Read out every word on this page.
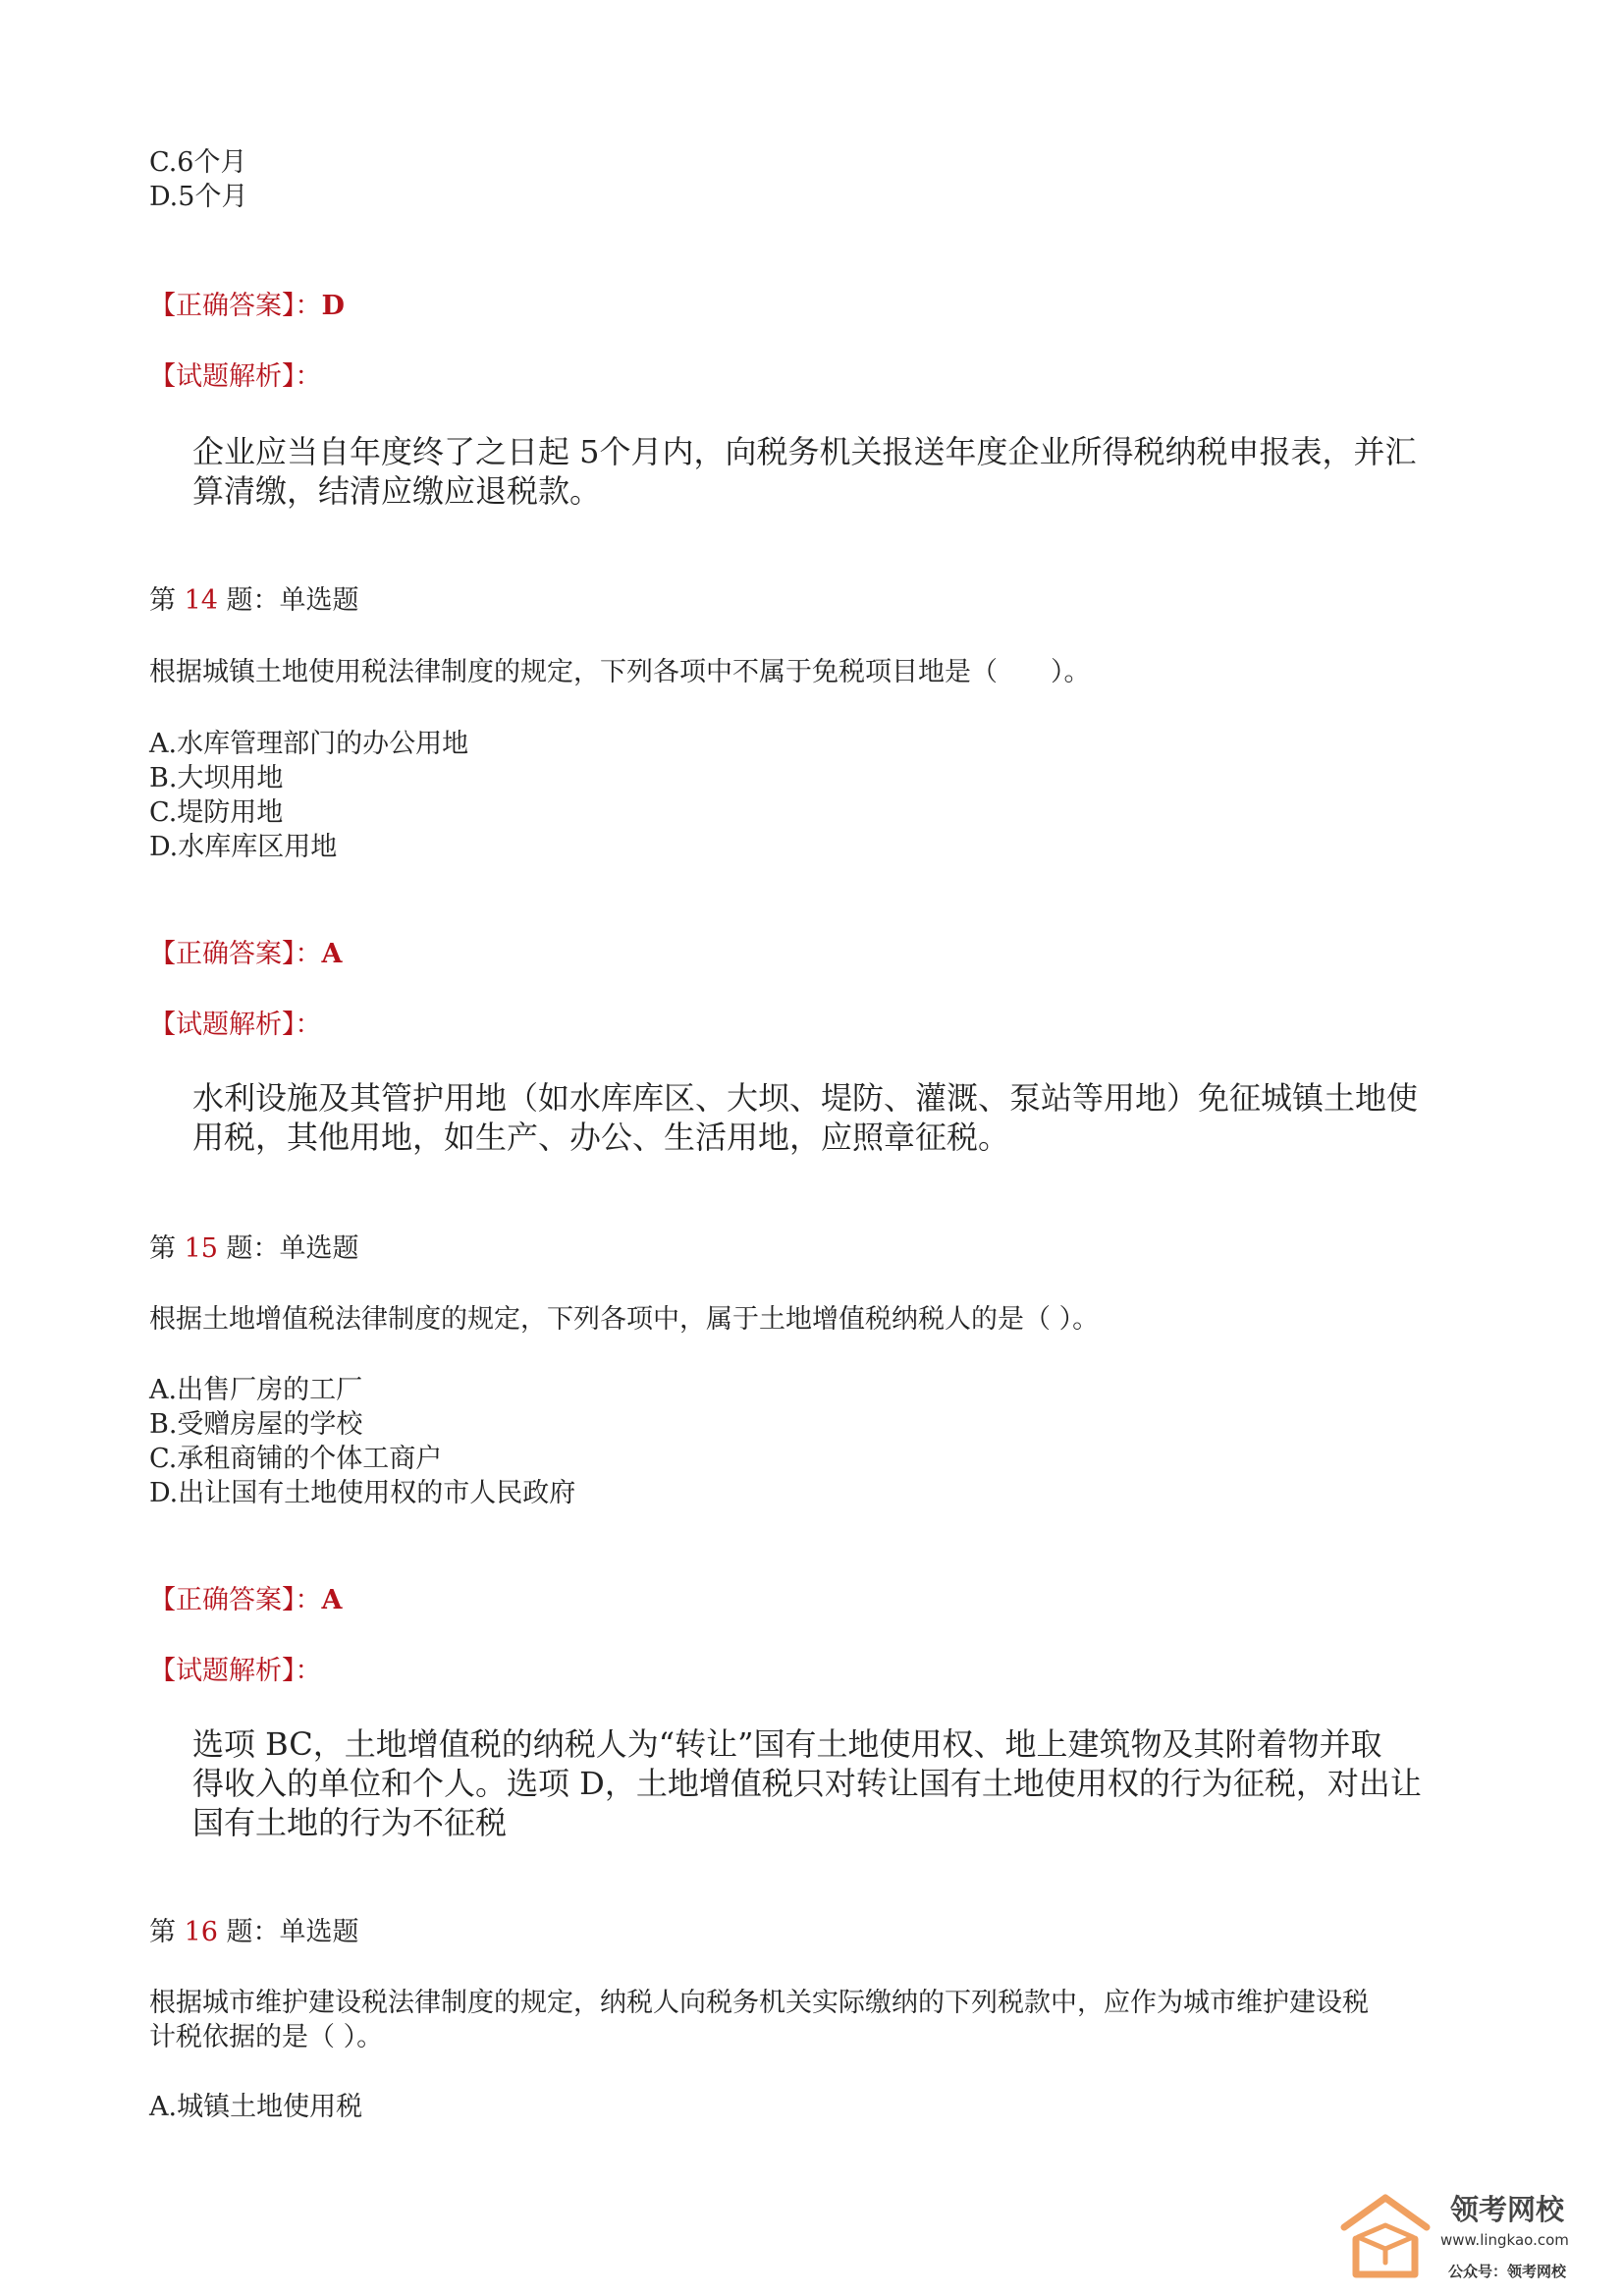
C.6个月
D.5个月
【正确答案】：D
【试题解析】：
企业应当自年度终了之日起 5个月内，向税务机关报送年度企业所得税纳税申报表，并汇
算清缴，结清应缴应退税款。
第 14 题：单选题
根据城镇土地使用税法律制度的规定，下列各项中不属于免税项目地是（　　）。
A.水库管理部门的办公用地
B.大坝用地
C.堤防用地
D.水库库区用地
【正确答案】：A
【试题解析】：
水利设施及其管护用地（如水库库区、大坝、堤防、灌溉、泵站等用地）免征城镇土地使
用税，其他用地，如生产、办公、生活用地，应照章征税。
第 15 题：单选题
根据土地增值税法律制度的规定，下列各项中，属于土地增值税纳税人的是（ ）。
A.出售厂房的工厂
B.受赠房屋的学校
C.承租商铺的个体工商户
D.出让国有土地使用权的市人民政府
【正确答案】：A
【试题解析】：
选项 BC，土地增值税的纳税人为“转让”国有土地使用权、地上建筑物及其附着物并取
得收入的单位和个人。选项 D，土地增值税只对转让国有土地使用权的行为征税，对出让
国有土地的行为不征税
第 16 题：单选题
根据城市维护建设税法律制度的规定，纳税人向税务机关实际缴纳的下列税款中，应作为城市维护建设税
计税依据的是（ ）。
A.城镇土地使用税
领考网校
www.lingkao.com
公众号：领考网校
